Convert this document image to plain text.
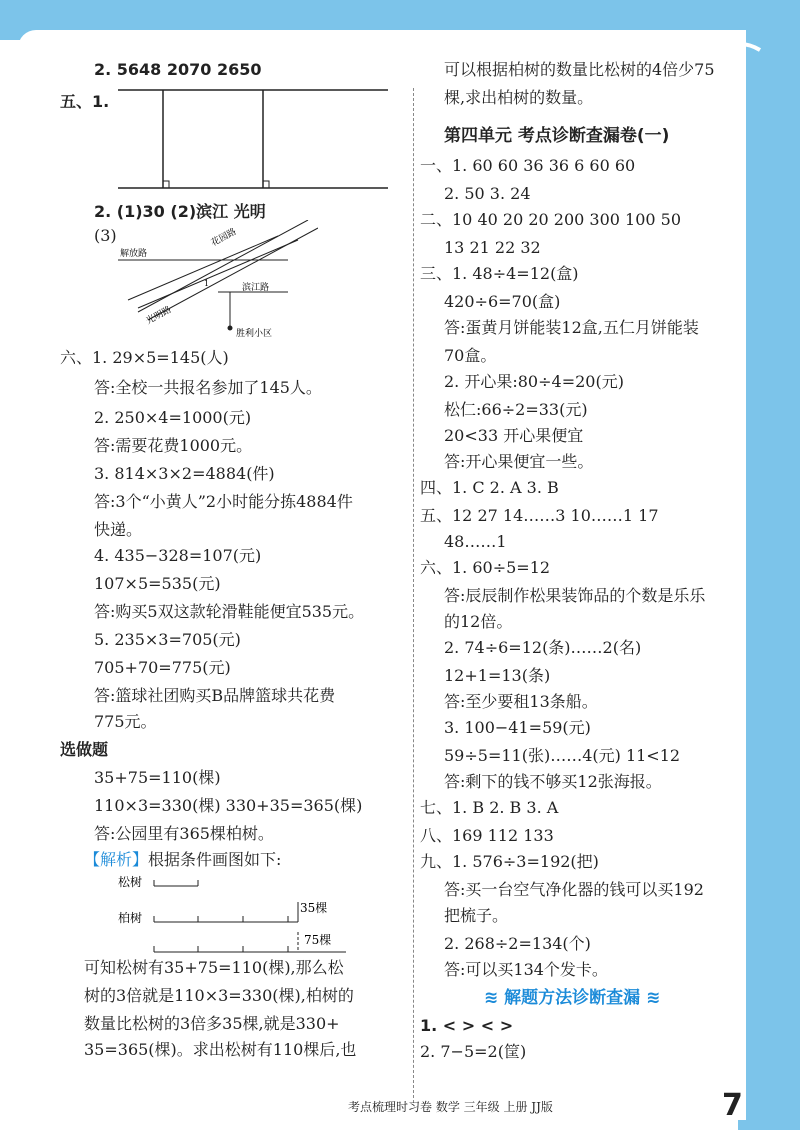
2. 5648 2070 2650
五、1.
2. (1)30 (2)滨江 光明
(3)
解放路
花园路
光明路
滨江路
胜利小区
1
六、1. 29×5=145(人)
答:全校一共报名参加了145人。
2. 250×4=1000(元)
答:需要花费1000元。
3. 814×3×2=4884(件)
答:3个“小黄人”2小时能分拣4884件
快递。
4. 435−328=107(元)
107×5=535(元)
答:购买5双这款轮滑鞋能便宜535元。
5. 235×3=705(元)
705+70=775(元)
答:篮球社团购买B品牌篮球共花费
775元。
选做题
35+75=110(棵)
110×3=330(棵) 330+35=365(棵)
答:公园里有365棵柏树。
【解析】根据条件画图如下:
松树
柏树
35棵
75棵
可知松树有35+75=110(棵),那么松
树的3倍就是110×3=330(棵),柏树的
数量比松树的3倍多35棵,就是330+
35=365(棵)。求出松树有110棵后,也
可以根据柏树的数量比松树的4倍少75
棵,求出柏树的数量。
第四单元 考点诊断查漏卷(一)
一、1. 60 60 36 36 6 60 60
2. 50 3. 24
二、10 40 20 20 200 300 100 50
13 21 22 32
三、1. 48÷4=12(盒)
420÷6=70(盒)
答:蛋黄月饼能装12盒,五仁月饼能装
70盒。
2. 开心果:80÷4=20(元)
松仁:66÷2=33(元)
20<33 开心果便宜
答:开心果便宜一些。
四、1. C 2. A 3. B
五、12 27 14……3 10……1 17
48……1
六、1. 60÷5=12
答:辰辰制作松果装饰品的个数是乐乐
的12倍。
2. 74÷6=12(条)……2(名)
12+1=13(条)
答:至少要租13条船。
3. 100−41=59(元)
59÷5=11(张)……4(元) 11<12
答:剩下的钱不够买12张海报。
七、1. B 2. B 3. A
八、169 112 133
九、1. 576÷3=192(把)
答:买一台空气净化器的钱可以买192
把梳子。
2. 268÷2=134(个)
答:可以买134个发卡。
≋ 解题方法诊断查漏 ≋
1. < > < >
2. 7−5=2(筐)
考点梳理时习卷 数学 三年级 上册 JJ版	7
